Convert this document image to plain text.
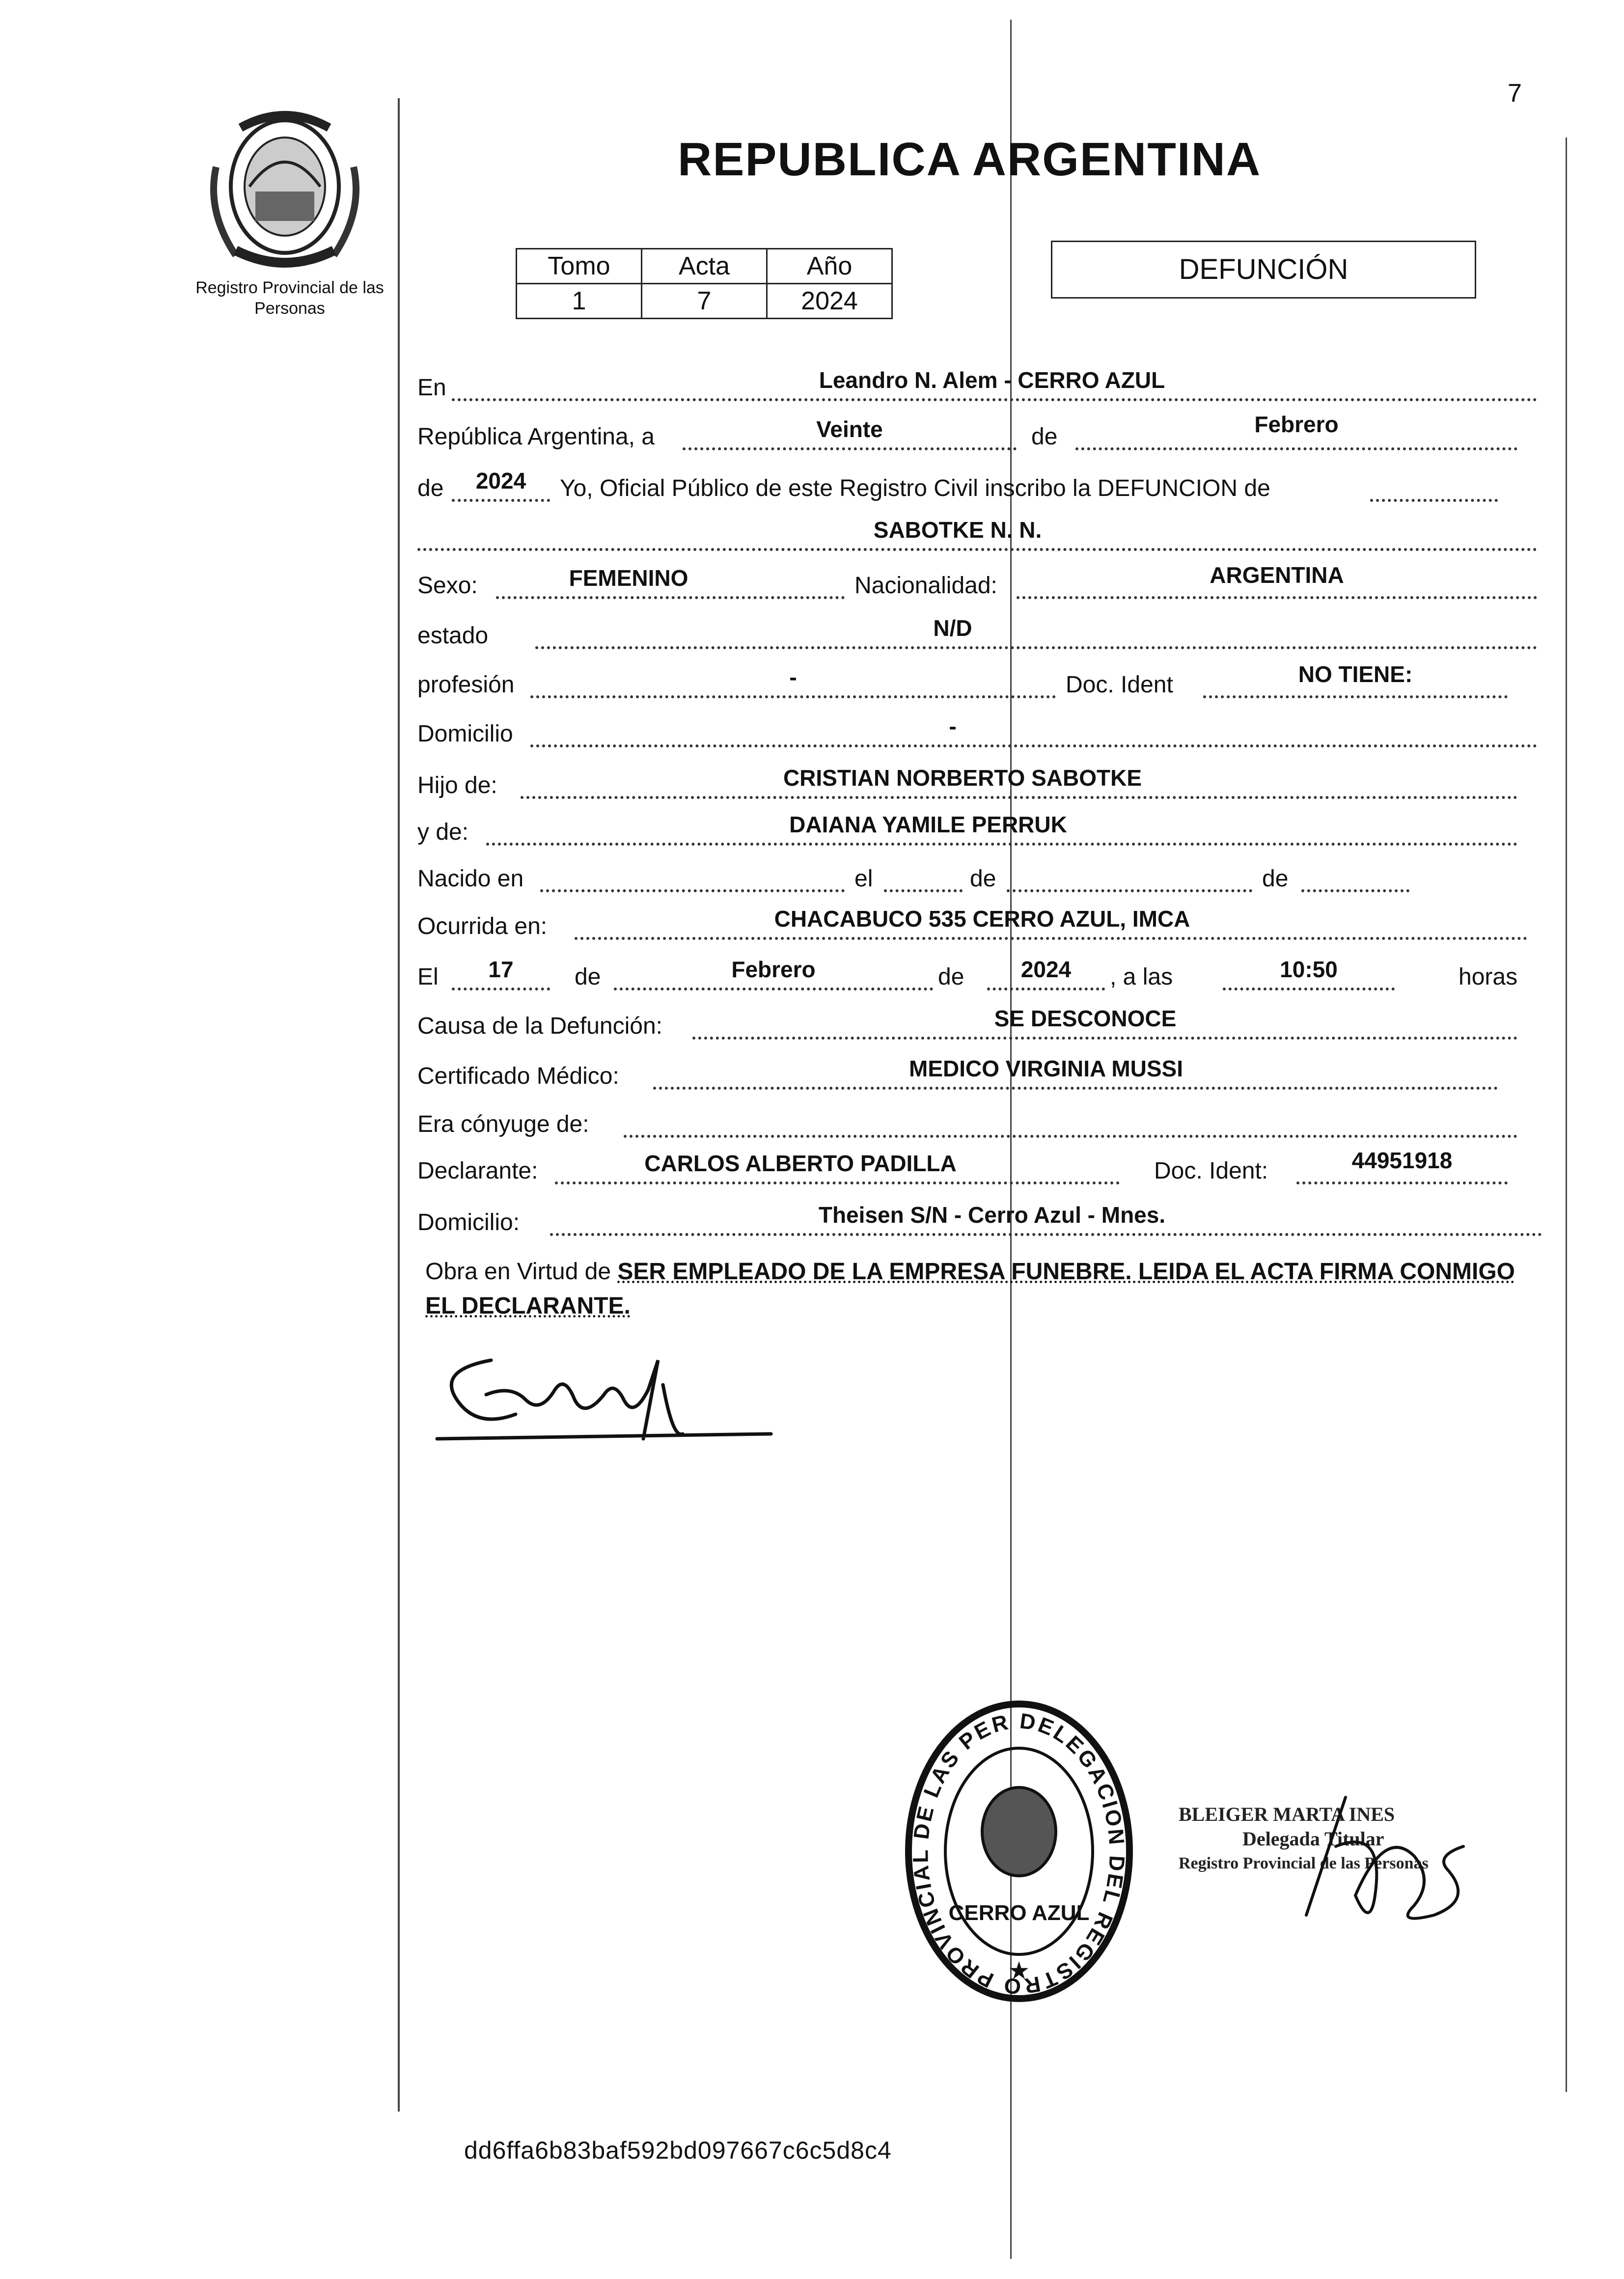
7
Registro Provincial de las Personas
REPUBLICA ARGENTINA
Tomo	Acta	Año
1	7	2024
DEFUNCIÓN
En	Leandro N. Alem - CERRO AZUL
República Argentina, a	Veinte	de	Febrero
de	2024	Yo, Oficial Público de este Registro Civil inscribo la DEFUNCION de
SABOTKE N. N.
Sexo:	FEMENINO	Nacionalidad:	ARGENTINA
estado	N/D
profesión	-	Doc. Ident	NO TIENE:
Domicilio	-
Hijo de:	CRISTIAN NORBERTO SABOTKE
y de:	DAIANA YAMILE PERRUK
Nacido en	el	de	de
Ocurrida en:	CHACABUCO 535 CERRO AZUL, IMCA
El	17	de	Febrero	de	2024	, a las	10:50	horas
Causa de la Defunción:	SE DESCONOCE
Certificado Médico:	MEDICO VIRGINIA MUSSI
Era cónyuge de:
Declarante:	CARLOS ALBERTO PADILLA	Doc. Ident:	44951918
Domicilio:	Theisen S/N - Cerro Azul - Mnes.
Obra en Virtud de SER EMPLEADO DE LA EMPRESA FUNEBRE. LEIDA EL ACTA FIRMA CONMIGO EL DECLARANTE.
DELEGACION DEL REGISTRO PROVINCIAL DE LAS PER
CERRO AZUL
★
BLEIGER MARTA INES
Delegada Titular
Registro Provincial de las Personas
dd6ffa6b83baf592bd097667c6c5d8c4
